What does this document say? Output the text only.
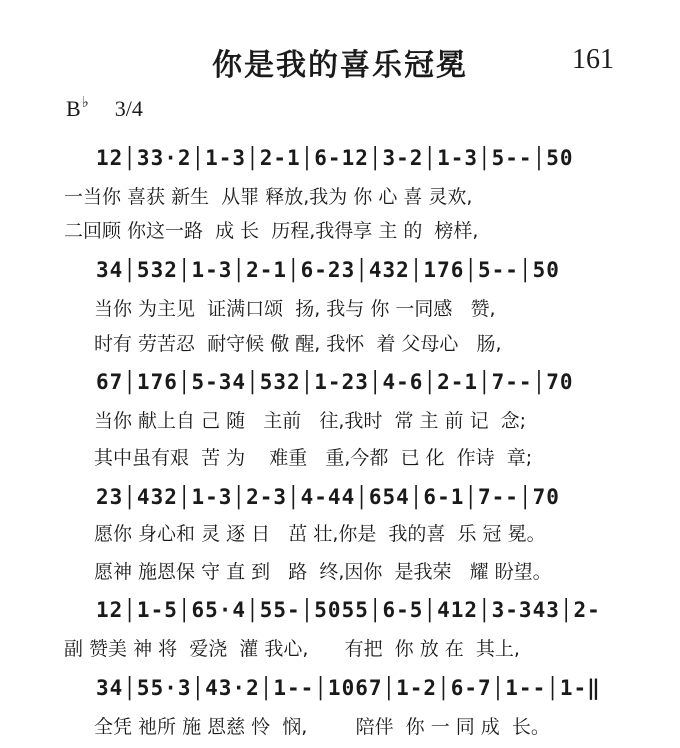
你是我的喜乐冠冕	161
B♭ 3/4
12│33·2│1-3│2-1│6-12│3-2│1-3│5--│50
一当你 喜获 新生  从罪 释放,我为 你 心 喜 灵欢,
二回顾 你这一路  成 长  历程,我得享 主 的  榜样,
34│532│1-3│2-1│6-23│432│176│5--│50
当你 为主见  证满口颂  扬, 我与 你 一同感   赞,
时有 劳苦忍  耐守候 儆 醒, 我怀  着 父母心   肠,
67│176│5-34│532│1-23│4-6│2-1│7--│70
当你 献上自 己 随   主前   往,我时  常 主 前 记  念;
其中虽有艰  苦 为    难重   重,今都  已 化  作诗  章;
23│432│1-3│2-3│4-44│654│6-1│7--│70
愿你 身心和 灵 逐 日   茁 壮,你是  我的喜  乐 冠 冕。
愿神 施恩保 守 直 到   路  终,因你  是我荣   耀 盼望。
12│1-5│65·4│55-│5055│6-5│412│3-343│2-
副 赞美 神 将  爱浇  灌 我心,      有把  你 放 在  其上,
34│55·3│43·2│1--│1067│1-2│6-7│1--│1-‖
全凭 祂所 施 恩慈 怜  悯,        陪伴  你 一 同 成  长。
